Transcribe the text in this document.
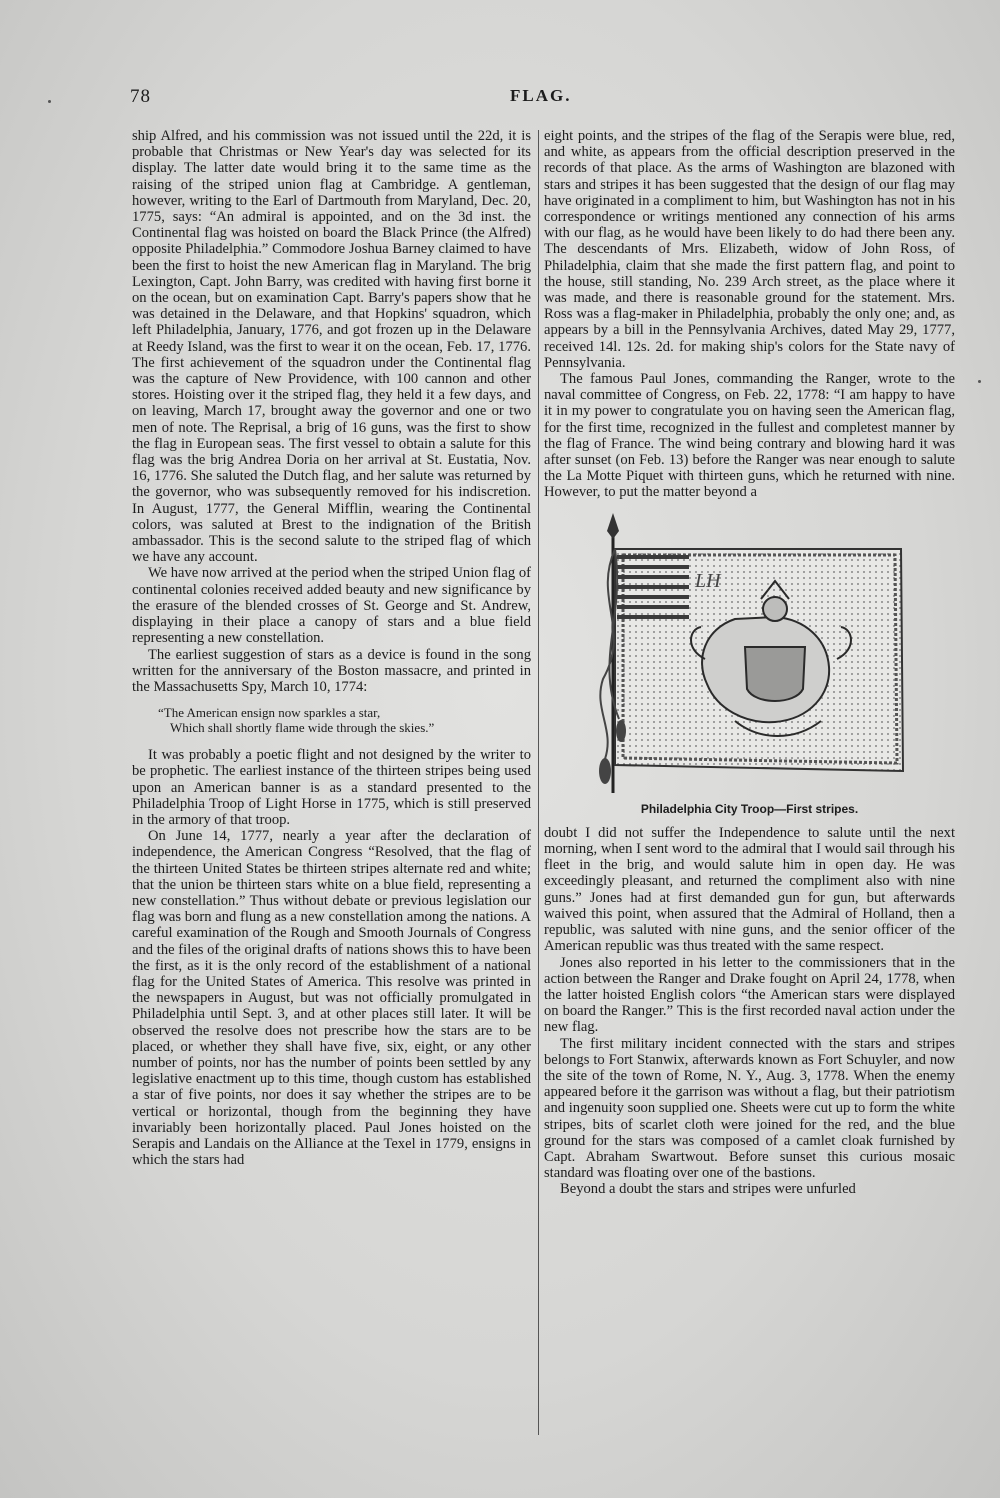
78	FLAG.

ship Alfred, and his commission was not issued until the 22d, it is probable that Christmas or New Year's day was selected for its display. The latter date would bring it to the same time as the raising of the striped union flag at Cambridge. A gentleman, however, writing to the Earl of Dartmouth from Maryland, Dec. 20, 1775, says: “An admiral is appointed, and on the 3d inst. the Continental flag was hoisted on board the Black Prince (the Alfred) opposite Philadelphia.” Commodore Joshua Barney claimed to have been the first to hoist the new American flag in Maryland. The brig Lexington, Capt. John Barry, was credited with having first borne it on the ocean, but on examination Capt. Barry's papers show that he was detained in the Delaware, and that Hopkins' squadron, which left Philadelphia, January, 1776, and got frozen up in the Delaware at Reedy Island, was the first to wear it on the ocean, Feb. 17, 1776. The first achievement of the squadron under the Continental flag was the capture of New Providence, with 100 cannon and other stores. Hoisting over it the striped flag, they held it a few days, and on leaving, March 17, brought away the governor and one or two men of note. The Reprisal, a brig of 16 guns, was the first to show the flag in European seas. The first vessel to obtain a salute for this flag was the brig Andrea Doria on her arrival at St. Eustatia, Nov. 16, 1776. She saluted the Dutch flag, and her salute was returned by the governor, who was subsequently removed for his indiscretion. In August, 1777, the General Mifflin, wearing the Continental colors, was saluted at Brest to the indignation of the British ambassador. This is the second salute to the striped flag of which we have any account.

We have now arrived at the period when the striped Union flag of continental colonies received added beauty and new significance by the erasure of the blended crosses of St. George and St. Andrew, displaying in their place a canopy of stars and a blue field representing a new constellation.

The earliest suggestion of stars as a device is found in the song written for the anniversary of the Boston massacre, and printed in the Massachusetts Spy, March 10, 1774:

“The American ensign now sparkles a star,
Which shall shortly flame wide through the skies.”

It was probably a poetic flight and not designed by the writer to be prophetic. The earliest instance of the thirteen stripes being used upon an American banner is as a standard presented to the Philadelphia Troop of Light Horse in 1775, which is still preserved in the armory of that troop.

On June 14, 1777, nearly a year after the declaration of independence, the American Congress “Resolved, that the flag of the thirteen United States be thirteen stripes alternate red and white; that the union be thirteen stars white on a blue field, representing a new constellation.” Thus without debate or previous legislation our flag was born and flung as a new constellation among the nations. A careful examination of the Rough and Smooth Journals of Congress and the files of the original drafts of nations shows this to have been the first, as it is the only record of the establishment of a national flag for the United States of America. This resolve was printed in the newspapers in August, but was not officially promulgated in Philadelphia until Sept. 3, and at other places still later. It will be observed the resolve does not prescribe how the stars are to be placed, or whether they shall have five, six, eight, or any other number of points, nor has the number of points been settled by any legislative enactment up to this time, though custom has established a star of five points, nor does it say whether the stripes are to be vertical or horizontal, though from the beginning they have invariably been horizontally placed. Paul Jones hoisted on the Serapis and Landais on the Alliance at the Texel in 1779, ensigns in which the stars had

eight points, and the stripes of the flag of the Serapis were blue, red, and white, as appears from the official description preserved in the records of that place. As the arms of Washington are blazoned with stars and stripes it has been suggested that the design of our flag may have originated in a compliment to him, but Washington has not in his correspondence or writings mentioned any connection of his arms with our flag, as he would have been likely to do had there been any. The descendants of Mrs. Elizabeth, widow of John Ross, of Philadelphia, claim that she made the first pattern flag, and point to the house, still standing, No. 239 Arch street, as the place where it was made, and there is reasonable ground for the statement. Mrs. Ross was a flag-maker in Philadelphia, probably the only one; and, as appears by a bill in the Pennsylvania Archives, dated May 29, 1777, received 14l. 12s. 2d. for making ship's colors for the State navy of Pennsylvania.

The famous Paul Jones, commanding the Ranger, wrote to the naval committee of Congress, on Feb. 22, 1778: “I am happy to have it in my power to congratulate you on having seen the American flag, for the first time, recognized in the fullest and completest manner by the flag of France. The wind being contrary and blowing hard it was after sunset (on Feb. 13) before the Ranger was near enough to salute the La Motte Piquet with thirteen guns, which he returned with nine. However, to put the matter beyond a

LH
Philadelphia City Troop—First stripes.

doubt I did not suffer the Independence to salute until the next morning, when I sent word to the admiral that I would sail through his fleet in the brig, and would salute him in open day. He was exceedingly pleasant, and returned the compliment also with nine guns.” Jones had at first demanded gun for gun, but afterwards waived this point, when assured that the Admiral of Holland, then a republic, was saluted with nine guns, and the senior officer of the American republic was thus treated with the same respect.

Jones also reported in his letter to the commissioners that in the action between the Ranger and Drake fought on April 24, 1778, when the latter hoisted English colors “the American stars were displayed on board the Ranger.” This is the first recorded naval action under the new flag.

The first military incident connected with the stars and stripes belongs to Fort Stanwix, afterwards known as Fort Schuyler, and now the site of the town of Rome, N. Y., Aug. 3, 1778. When the enemy appeared before it the garrison was without a flag, but their patriotism and ingenuity soon supplied one. Sheets were cut up to form the white stripes, bits of scarlet cloth were joined for the red, and the blue ground for the stars was composed of a camlet cloak furnished by Capt. Abraham Swartwout. Before sunset this curious mosaic standard was floating over one of the bastions.

Beyond a doubt the stars and stripes were unfurled
